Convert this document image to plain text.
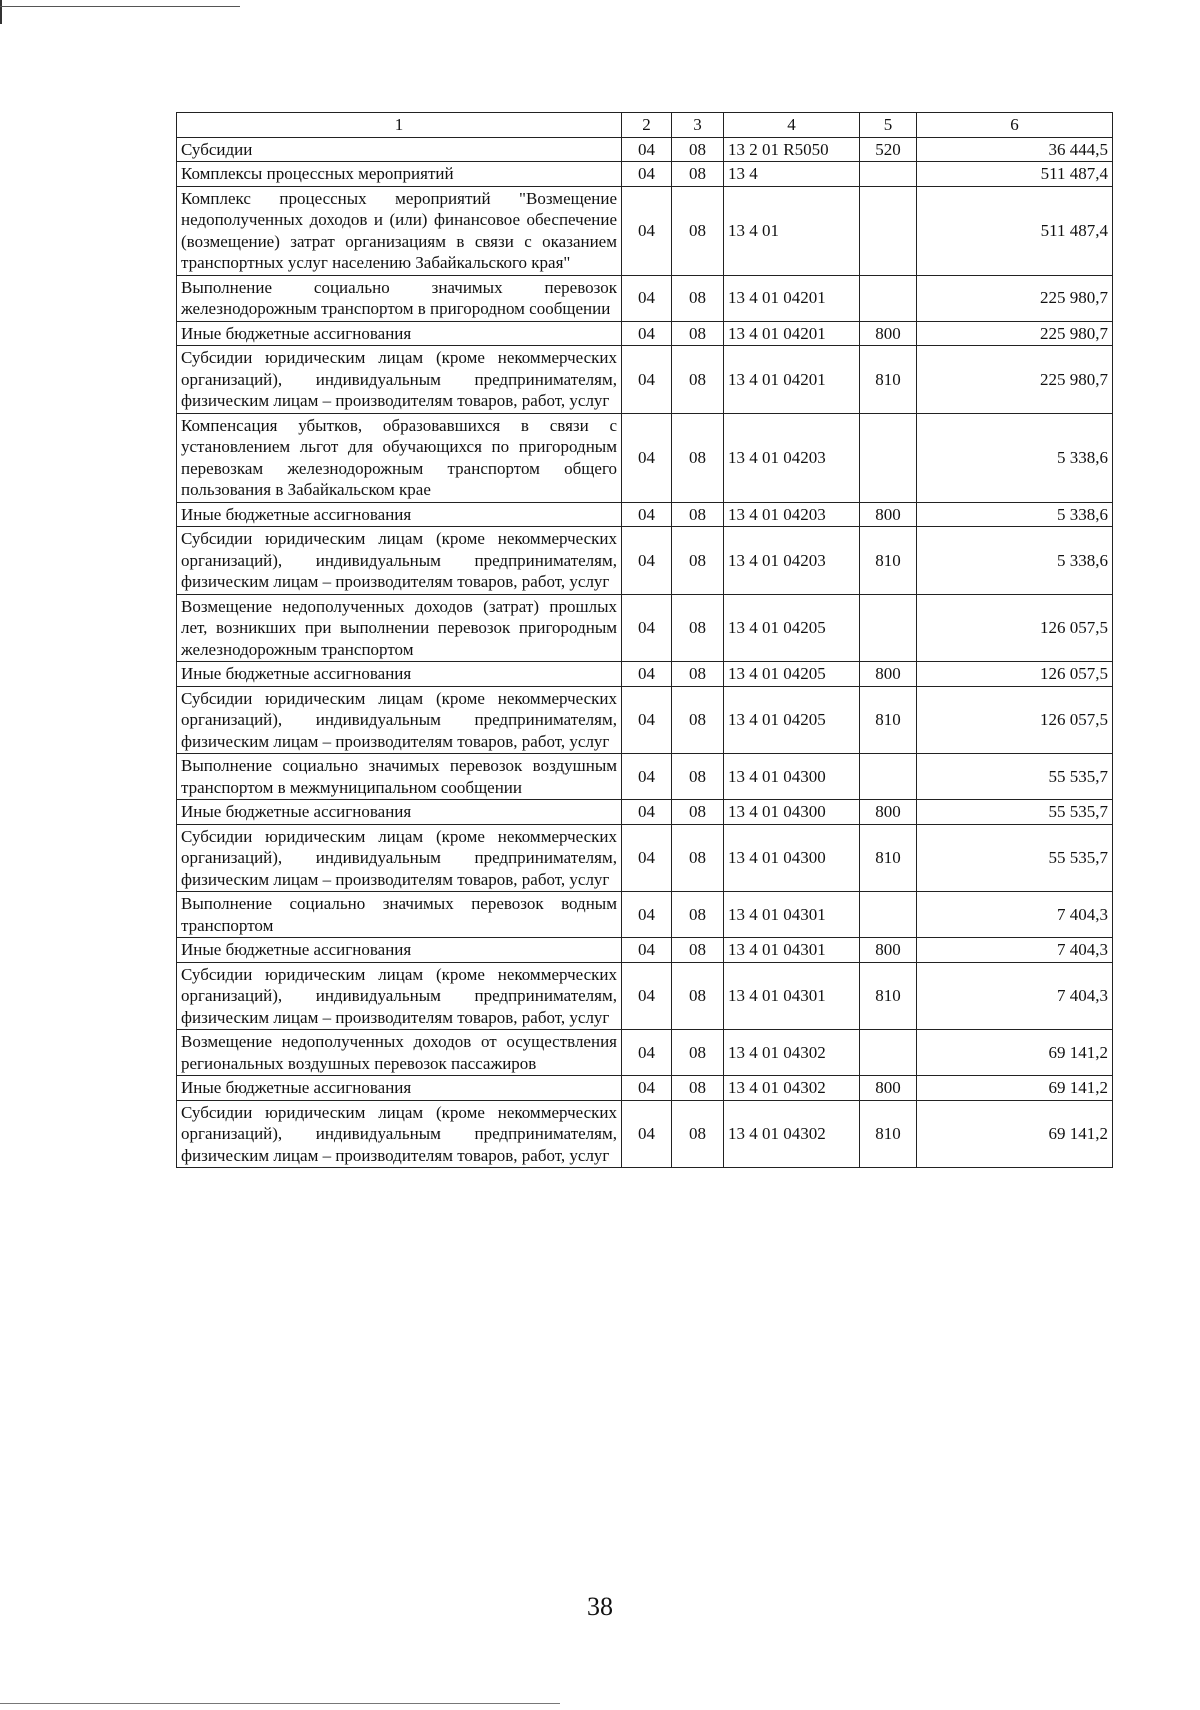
1	2	3	4	5	6
Субсидии	04	08	13 2 01 R5050	520	36 444,5
Комплексы процессных мероприятий	04	08	13 4		511 487,4
Комплекс процессных мероприятий "Возмещение недополученных доходов и (или) финансовое обеспечение (возмещение) затрат организациям в связи с оказанием транспортных услуг населению Забайкальского края"	04	08	13 4 01		511 487,4
Выполнение социально значимых перевозок железнодорожным транспортом в пригородном сообщении	04	08	13 4 01 04201		225 980,7
Иные бюджетные ассигнования	04	08	13 4 01 04201	800	225 980,7
Субсидии юридическим лицам (кроме некоммерческих организаций), индивидуальным предпринимателям, физическим лицам – производителям товаров, работ, услуг	04	08	13 4 01 04201	810	225 980,7
Компенсация убытков, образовавшихся в связи с установлением льгот для обучающихся по пригородным перевозкам железнодорожным транспортом общего пользования в Забайкальском крае	04	08	13 4 01 04203		5 338,6
Иные бюджетные ассигнования	04	08	13 4 01 04203	800	5 338,6
Субсидии юридическим лицам (кроме некоммерческих организаций), индивидуальным предпринимателям, физическим лицам – производителям товаров, работ, услуг	04	08	13 4 01 04203	810	5 338,6
Возмещение недополученных доходов (затрат) прошлых лет, возникших при выполнении перевозок пригородным железнодорожным транспортом	04	08	13 4 01 04205		126 057,5
Иные бюджетные ассигнования	04	08	13 4 01 04205	800	126 057,5
Субсидии юридическим лицам (кроме некоммерческих организаций), индивидуальным предпринимателям, физическим лицам – производителям товаров, работ, услуг	04	08	13 4 01 04205	810	126 057,5
Выполнение социально значимых перевозок воздушным транспортом в межмуниципальном сообщении	04	08	13 4 01 04300		55 535,7
Иные бюджетные ассигнования	04	08	13 4 01 04300	800	55 535,7
Субсидии юридическим лицам (кроме некоммерческих организаций), индивидуальным предпринимателям, физическим лицам – производителям товаров, работ, услуг	04	08	13 4 01 04300	810	55 535,7
Выполнение социально значимых перевозок водным транспортом	04	08	13 4 01 04301		7 404,3
Иные бюджетные ассигнования	04	08	13 4 01 04301	800	7 404,3
Субсидии юридическим лицам (кроме некоммерческих организаций), индивидуальным предпринимателям, физическим лицам – производителям товаров, работ, услуг	04	08	13 4 01 04301	810	7 404,3
Возмещение недополученных доходов от осуществления региональных воздушных перевозок пассажиров	04	08	13 4 01 04302		69 141,2
Иные бюджетные ассигнования	04	08	13 4 01 04302	800	69 141,2
Субсидии юридическим лицам (кроме некоммерческих организаций), индивидуальным предпринимателям, физическим лицам – производителям товаров, работ, услуг	04	08	13 4 01 04302	810	69 141,2
38
